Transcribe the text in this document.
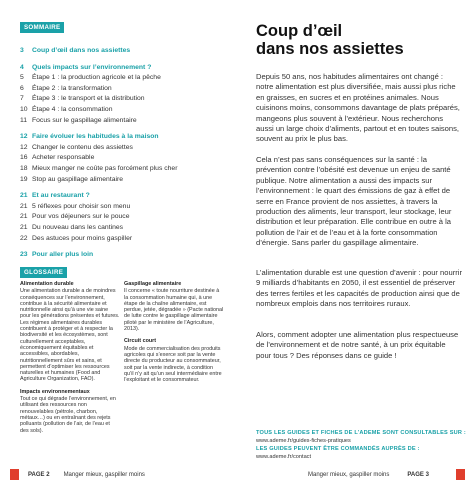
SOMMAIRE
3	Coup d’œil dans nos assiettes
4	Quels impacts sur l’environnement ?
5	Étape 1 : la production agricole et la pêche
6	Étape 2 : la transformation
7	Étape 3 : le transport et la distribution
10 Étape 4 : la consommation
11 Focus sur le gaspillage alimentaire
12 Faire évoluer les habitudes à la maison
12 Changer le contenu des assiettes
16 Acheter responsable
18 Mieux manger ne coûte pas forcément plus cher
19 Stop au gaspillage alimentaire
21 Et au restaurant ?
21 5 réflexes pour choisir son menu
21 Pour vos déjeuners sur le pouce
21 Du nouveau dans les cantines
22 Des astuces pour moins gaspiller
23 Pour aller plus loin
GLOSSAIRE
Alimentation durable
Une alimentation durable a de moindres conséquences sur l’environnement, contribue à la sécurité alimentaire et nutritionnelle ainsi qu’à une vie saine pour les générations présentes et futures. Les régimes alimentaires durables contribuent à protéger et à respecter la biodiversité et les écosystèmes, sont culturellement acceptables, économiquement équitables et accessibles, abordables, nutritionnellement sûrs et sains, et permettent d’optimiser les ressources naturelles et humaines (Food and Agriculture Organization, FAO).
Impacts environnementaux
Tout ce qui dégrade l’environnement, en utilisant des ressources non renouvelables (pétrole, charbon, métaux…) ou en entraînant des rejets polluants (pollution de l’air, de l’eau et des sols).
Gaspillage alimentaire
Il concerne « toute nourriture destinée à la consommation humaine qui, à une étape de la chaîne alimentaire, est perdue, jetée, dégradée » (Pacte national de lutte contre le gaspillage alimentaire piloté par le ministère de l’Agriculture, 2013).
Circuit court
Mode de commercialisation des produits agricoles qui s’exerce soit par la vente directe du producteur au consommateur, soit par la vente indirecte, à condition qu’il n’y ait qu’un seul intermédiaire entre l’exploitant et le consommateur.
PAGE 2 Manger mieux, gaspiller moins
Coup d’œil
dans nos assiettes
Depuis 50 ans, nos habitudes alimentaires ont changé : notre alimentation est plus diversifiée, mais aussi plus riche en graisses, en sucres et en protéines animales. Nous cuisinons moins, consommons davantage de plats préparés, mangeons plus souvent à l’extérieur. Nous recherchons aussi un large choix d’aliments, partout et en toutes saisons, souvent au prix le plus bas.
Cela n’est pas sans conséquences sur la santé : la prévention contre l’obésité est devenue un enjeu de santé publique. Notre alimentation a aussi des impacts sur l’environnement : le quart des émissions de gaz à effet de serre en France provient de nos assiettes, à travers la production des aliments, leur transport, leur stockage, leur distribution et leur préparation. Elle contribue en outre à la pollution de l’air et de l’eau et à la forte consommation d’énergie. Sans parler du gaspillage alimentaire.
L’alimentation durable est une question d’avenir : pour nourrir 9 milliards d’habitants en 2050, il est essentiel de préserver des terres fertiles et les capacités de production ainsi que de nombreux emplois dans nos territoires ruraux.
Alors, comment adopter une alimentation plus respectueuse de l’environnement et de notre santé, à un prix équitable pour tous ? Des réponses dans ce guide !
TOUS LES GUIDES ET FICHES DE L’ADEME SONT CONSULTABLES SUR :
www.ademe.fr/guides-fiches-pratiques
LES GUIDES PEUVENT ÊTRE COMMANDÉS AUPRÈS DE :
www.ademe.fr/contact
Manger mieux, gaspiller moins	PAGE 3
